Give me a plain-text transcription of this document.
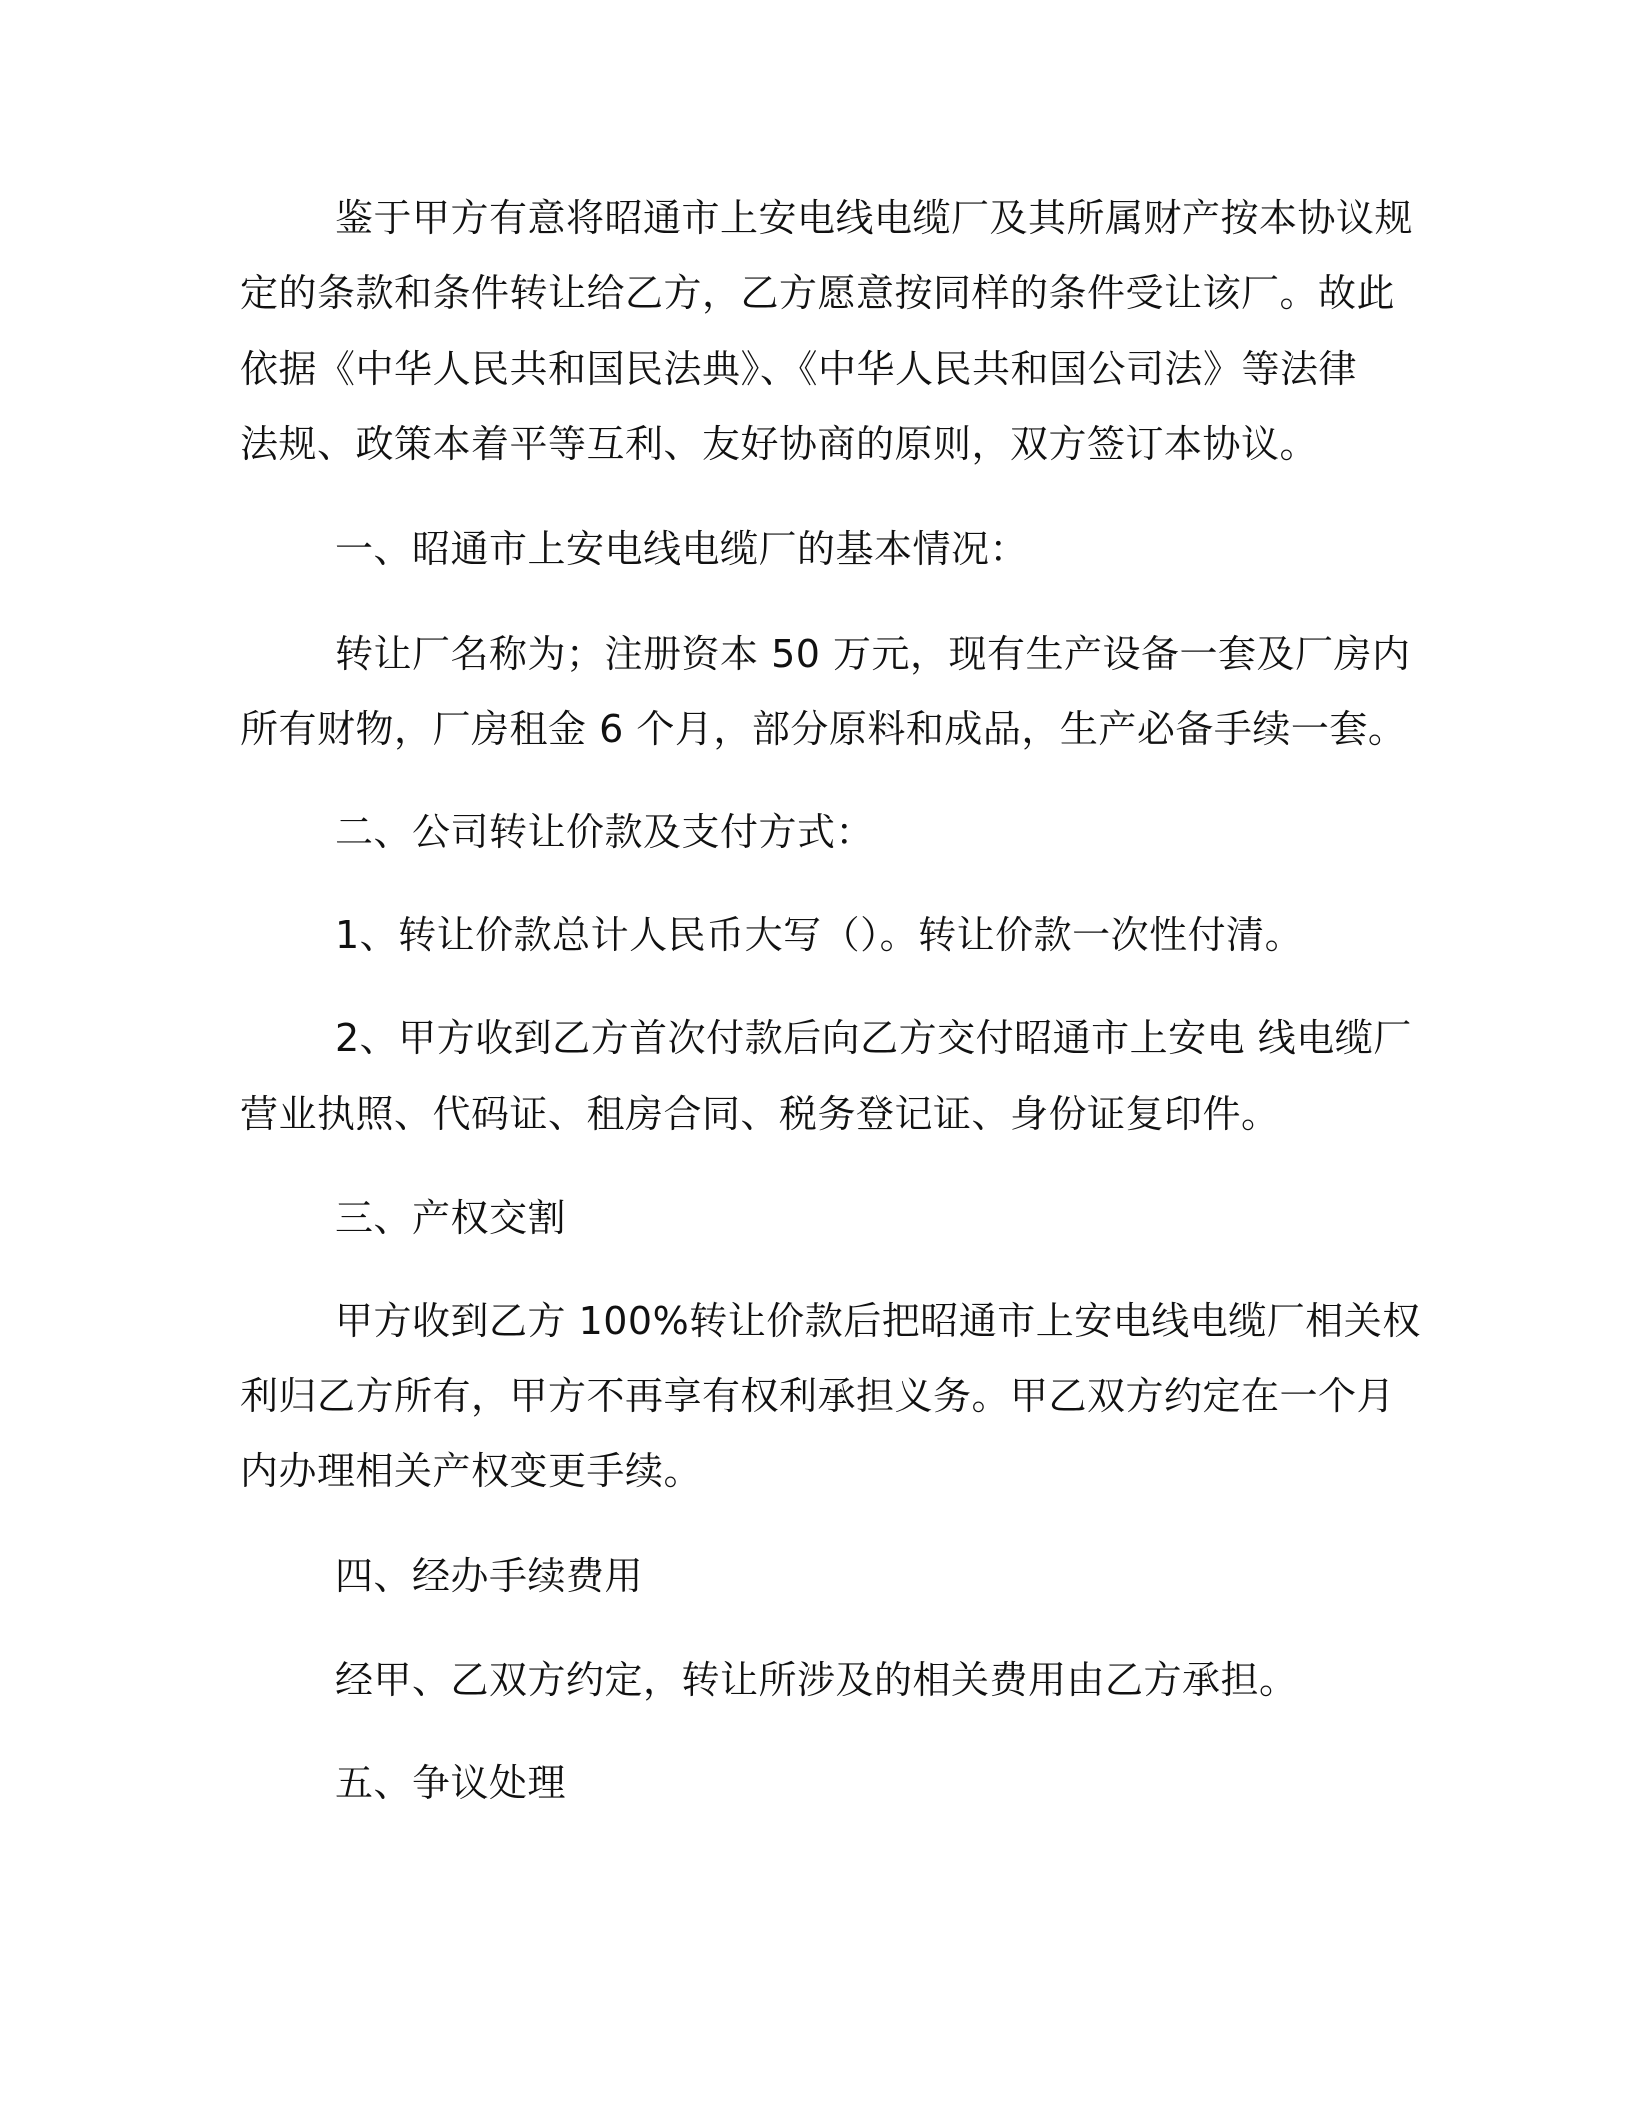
鉴于甲方有意将昭通市上安电线电缆厂及其所属财产按本协议规
定的条款和条件转让给乙方，乙方愿意按同样的条件受让该厂。故此
依据《中华人民共和国民法典》、《中华人民共和国公司法》等法律
法规、政策本着平等互利、友好协商的原则，双方签订本协议。
一、昭通市上安电线电缆厂的基本情况：
转让厂名称为；注册资本 50 万元，现有生产设备一套及厂房内
所有财物，厂房租金 6 个月，部分原料和成品，生产必备手续一套。
二、公司转让价款及支付方式：
1、转让价款总计人民币大写（）。转让价款一次性付清。
2、甲方收到乙方首次付款后向乙方交付昭通市上安电 线电缆厂
营业执照、代码证、租房合同、税务登记证、身份证复印件。
三、产权交割
甲方收到乙方 100%转让价款后把昭通市上安电线电缆厂相关权
利归乙方所有，甲方不再享有权利承担义务。甲乙双方约定在一个月
内办理相关产权变更手续。
四、经办手续费用
经甲、乙双方约定，转让所涉及的相关费用由乙方承担。
五、争议处理
